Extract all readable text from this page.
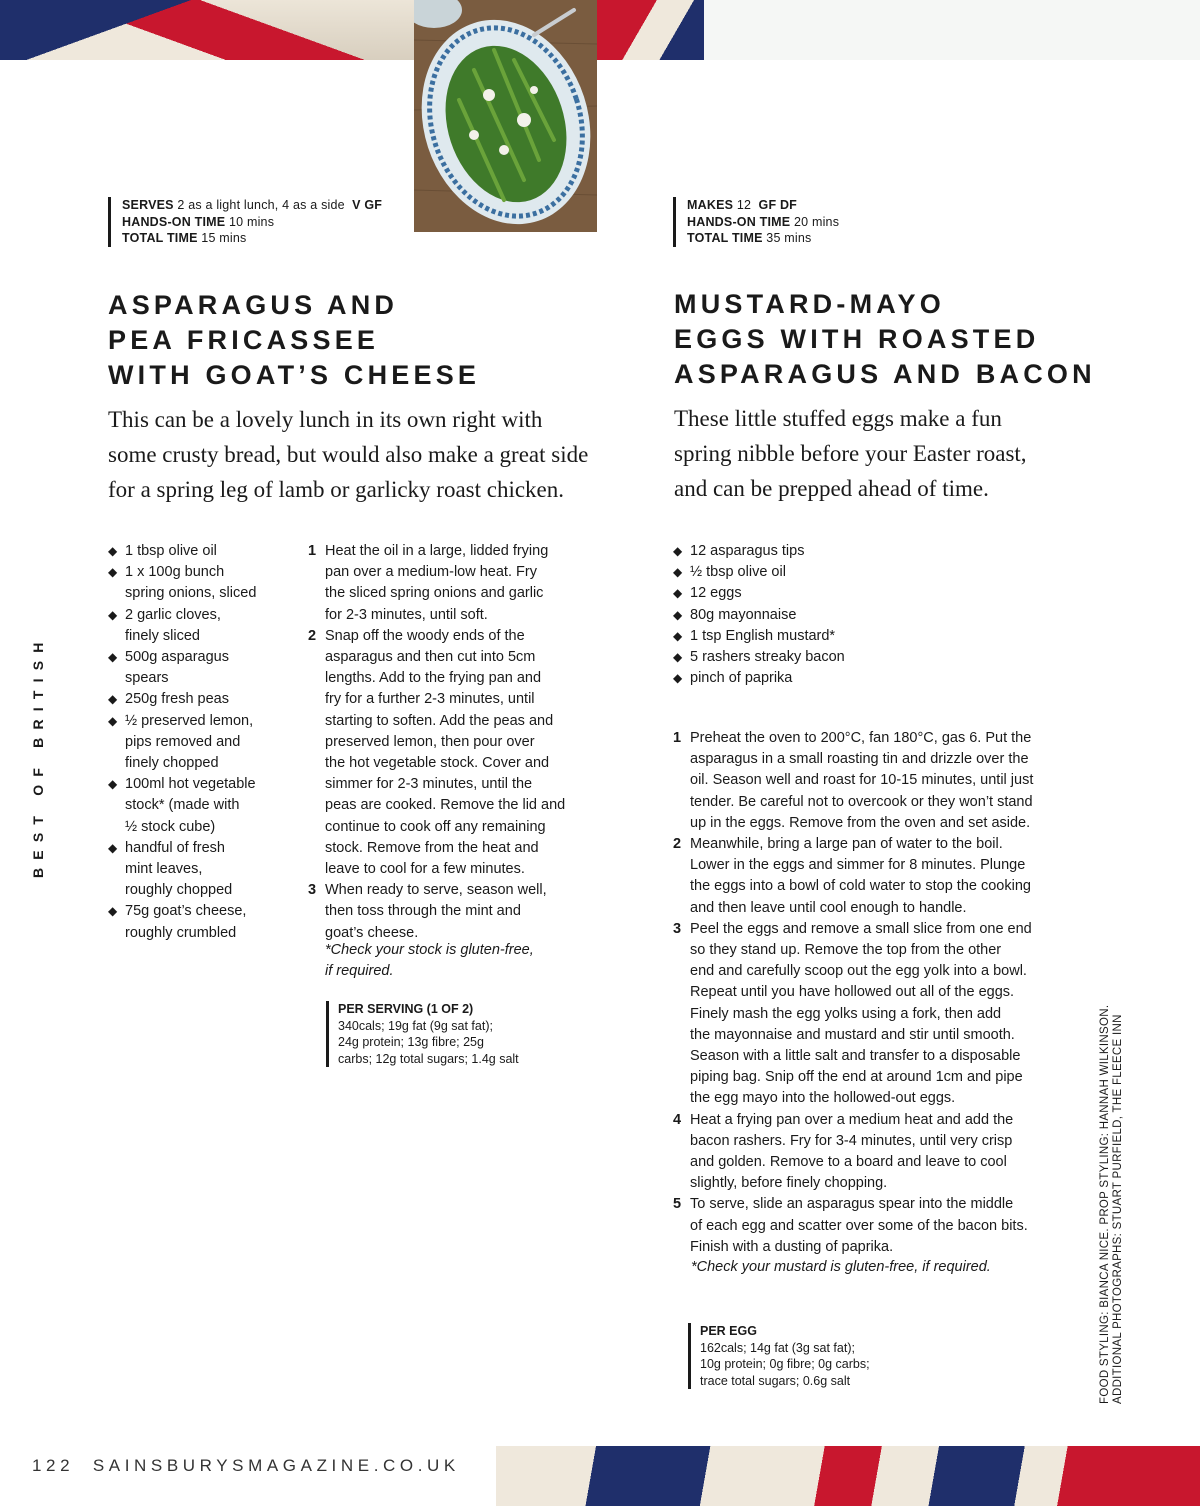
SERVES 2 as a light lunch, 4 as a side V GF
HANDS-ON TIME 10 mins
TOTAL TIME 15 mins
ASPARAGUS AND
PEA FRICASSEE
WITH GOAT’S CHEESE
This can be a lovely lunch in its own right with
some crusty bread, but would also make a great side
for a spring leg of lamb or garlicky roast chicken.
◆ 1 tbsp olive oil
◆ 1 x 100g bunch
spring onions, sliced
◆ 2 garlic cloves,
finely sliced
◆ 500g asparagus
spears
◆ 250g fresh peas
◆ ½ preserved lemon,
pips removed and
finely chopped
◆ 100ml hot vegetable
stock* (made with
½ stock cube)
◆ handful of fresh
mint leaves,
roughly chopped
◆ 75g goat’s cheese,
roughly crumbled
1 Heat the oil in a large, lidded frying
pan over a medium-low heat. Fry
the sliced spring onions and garlic
for 2-3 minutes, until soft.
2 Snap off the woody ends of the
asparagus and then cut into 5cm
lengths. Add to the frying pan and
fry for a further 2-3 minutes, until
starting to soften. Add the peas and
preserved lemon, then pour over
the hot vegetable stock. Cover and
simmer for 2-3 minutes, until the
peas are cooked. Remove the lid and
continue to cook off any remaining
stock. Remove from the heat and
leave to cool for a few minutes.
3 When ready to serve, season well,
then toss through the mint and
goat’s cheese.
*Check your stock is gluten-free,
if required.
PER SERVING (1 OF 2)
340cals; 19g fat (9g sat fat);
24g protein; 13g fibre; 25g
carbs; 12g total sugars; 1.4g salt
MAKES 12 GF DF
HANDS-ON TIME 20 mins
TOTAL TIME 35 mins
MUSTARD-MAYO
EGGS WITH ROASTED
ASPARAGUS AND BACON
These little stuffed eggs make a fun
spring nibble before your Easter roast,
and can be prepped ahead of time.
◆ 12 asparagus tips
◆ ½ tbsp olive oil
◆ 12 eggs
◆ 80g mayonnaise
◆ 1 tsp English mustard*
◆ 5 rashers streaky bacon
◆ pinch of paprika
1 Preheat the oven to 200°C, fan 180°C, gas 6. Put the
asparagus in a small roasting tin and drizzle over the
oil. Season well and roast for 10-15 minutes, until just
tender. Be careful not to overcook or they won’t stand
up in the eggs. Remove from the oven and set aside.
2 Meanwhile, bring a large pan of water to the boil.
Lower in the eggs and simmer for 8 minutes. Plunge
the eggs into a bowl of cold water to stop the cooking
and then leave until cool enough to handle.
3 Peel the eggs and remove a small slice from one end
so they stand up. Remove the top from the other
end and carefully scoop out the egg yolk into a bowl.
Repeat until you have hollowed out all of the eggs.
Finely mash the egg yolks using a fork, then add
the mayonnaise and mustard and stir until smooth.
Season with a little salt and transfer to a disposable
piping bag. Snip off the end at around 1cm and pipe
the egg mayo into the hollowed-out eggs.
4 Heat a frying pan over a medium heat and add the
bacon rashers. Fry for 3-4 minutes, until very crisp
and golden. Remove to a board and leave to cool
slightly, before finely chopping.
5 To serve, slide an asparagus spear into the middle
of each egg and scatter over some of the bacon bits.
Finish with a dusting of paprika.
*Check your mustard is gluten-free, if required.
PER EGG
162cals; 14g fat (3g sat fat);
10g protein; 0g fibre; 0g carbs;
trace total sugars; 0.6g salt
BEST OF BRITISH
FOOD STYLING: BIANCA NICE. PROP STYLING: HANNAH WILKINSON. ADDITIONAL PHOTOGRAPHS: STUART PURFIELD, THE FLEECE INN
122 SAINSBURYSMAGAZINE.CO.UK
